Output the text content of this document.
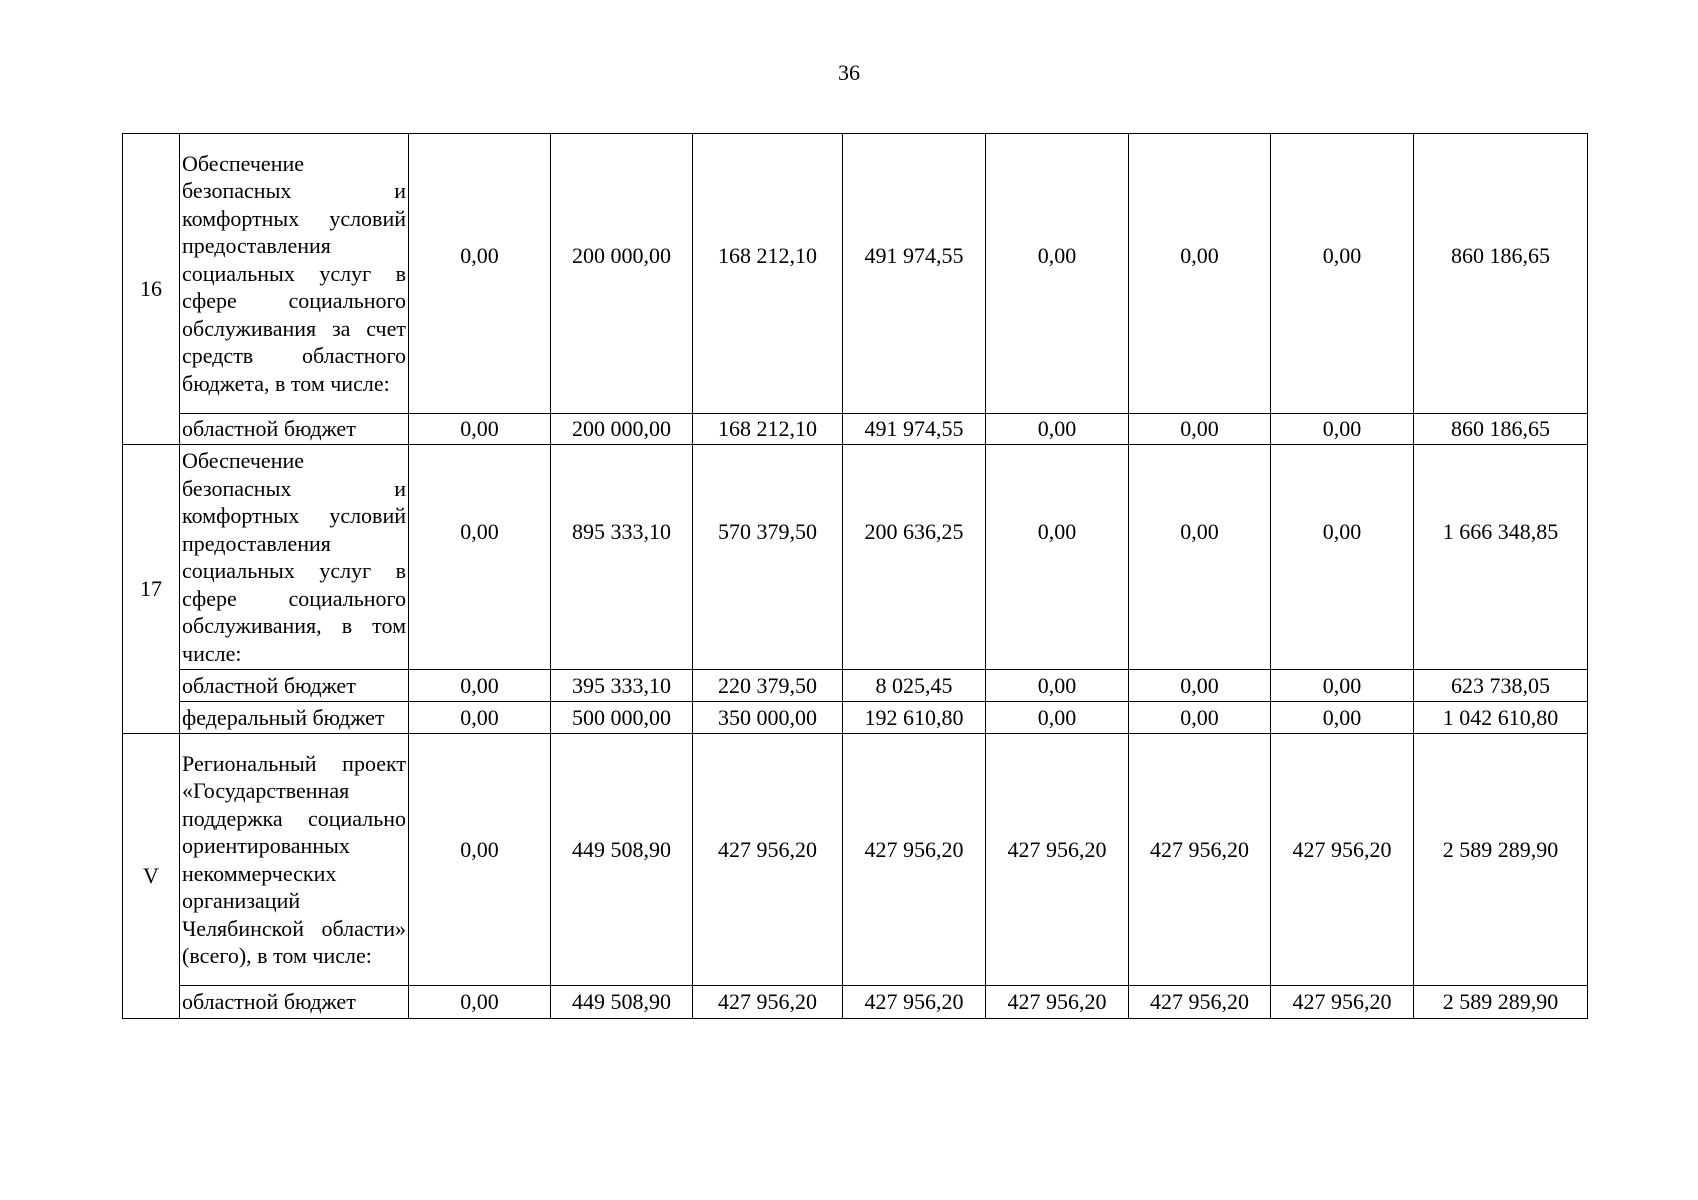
36
16	Обеспечение безопасных и комфортных условий предоставления социальных услуг в сфере социального обслуживания за счет средств областного бюджета, в том числе:	0,00	200 000,00	168 212,10	491 974,55	0,00	0,00	0,00	860 186,65
	областной бюджет	0,00	200 000,00	168 212,10	491 974,55	0,00	0,00	0,00	860 186,65
17	Обеспечение безопасных и комфортных условий предоставления социальных услуг в сфере социального обслуживания, в том числе:	0,00	895 333,10	570 379,50	200 636,25	0,00	0,00	0,00	1 666 348,85
	областной бюджет	0,00	395 333,10	220 379,50	8 025,45	0,00	0,00	0,00	623 738,05
	федеральный бюджет	0,00	500 000,00	350 000,00	192 610,80	0,00	0,00	0,00	1 042 610,80
V	Региональный проект «Государственная поддержка социально ориентированных некоммерческих организаций Челябинской области» (всего), в том числе:	0,00	449 508,90	427 956,20	427 956,20	427 956,20	427 956,20	427 956,20	2 589 289,90
	областной бюджет	0,00	449 508,90	427 956,20	427 956,20	427 956,20	427 956,20	427 956,20	2 589 289,90
